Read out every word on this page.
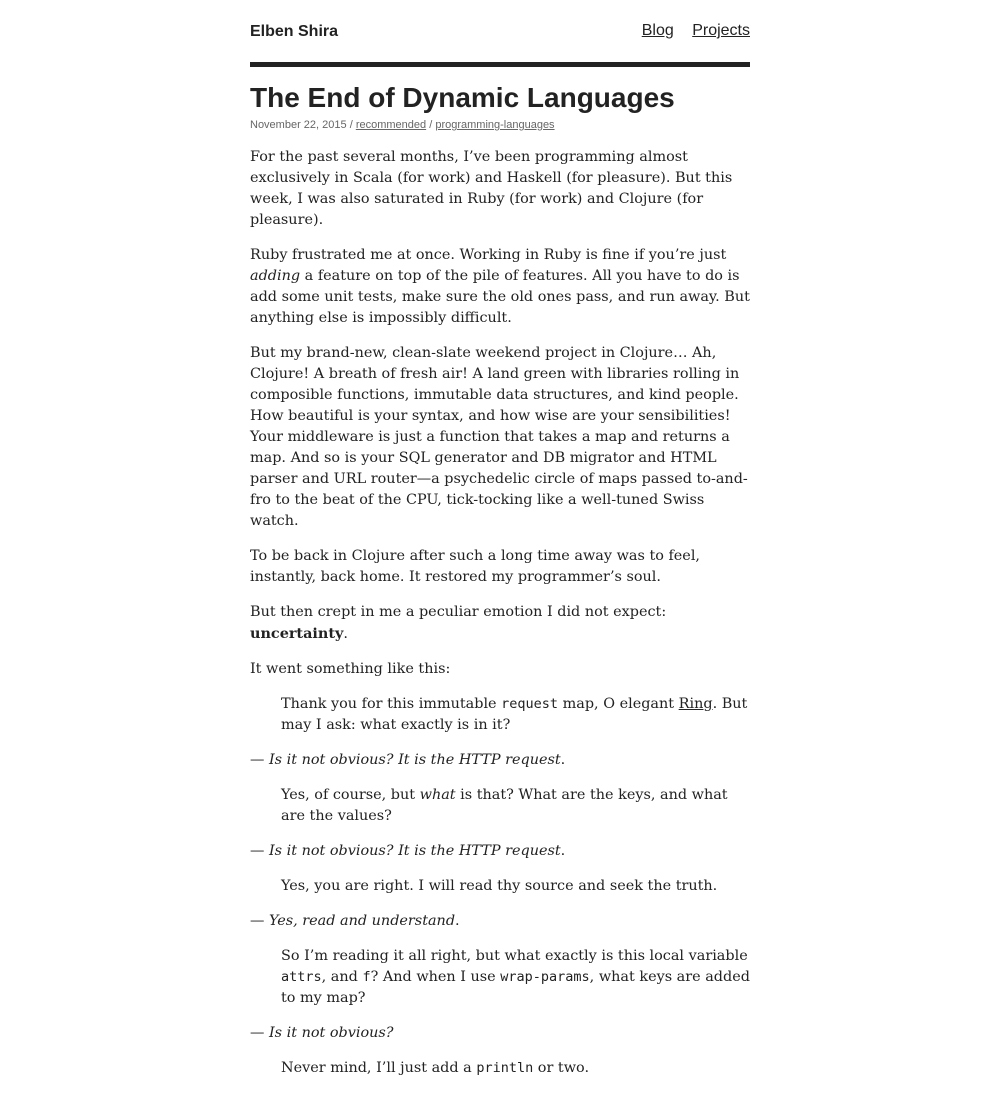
Elben Shira	Blog Projects
The End of Dynamic Languages
November 22, 2015 / recommended / programming-languages

For the past several months, I’ve been programming almost exclusively in Scala (for work) and Haskell (for pleasure). But this week, I was also saturated in Ruby (for work) and Clojure (for pleasure).

Ruby frustrated me at once. Working in Ruby is fine if you’re just adding a feature on top of the pile of features. All you have to do is add some unit tests, make sure the old ones pass, and run away. But anything else is impossibly difficult.

But my brand-new, clean-slate weekend project in Clojure… Ah, Clojure! A breath of fresh air! A land green with libraries rolling in composible functions, immutable data structures, and kind people. How beautiful is your syntax, and how wise are your sensibilities! Your middleware is just a function that takes a map and returns a map. And so is your SQL generator and DB migrator and HTML parser and URL router—a psychedelic circle of maps passed to-and-fro to the beat of the CPU, tick-tocking like a well-tuned Swiss watch.

To be back in Clojure after such a long time away was to feel, instantly, back home. It restored my programmer’s soul.

But then crept in me a peculiar emotion I did not expect: uncertainty.

It went something like this:

Thank you for this immutable request map, O elegant Ring. But may I ask: what exactly is in it?

— Is it not obvious? It is the HTTP request.

Yes, of course, but what is that? What are the keys, and what are the values?

— Is it not obvious? It is the HTTP request.

Yes, you are right. I will read thy source and seek the truth.

— Yes, read and understand.

So I’m reading it all right, but what exactly is this local variable attrs, and f? And when I use wrap-params, what keys are added to my map?

— Is it not obvious?

Never mind, I’ll just add a println or two.
